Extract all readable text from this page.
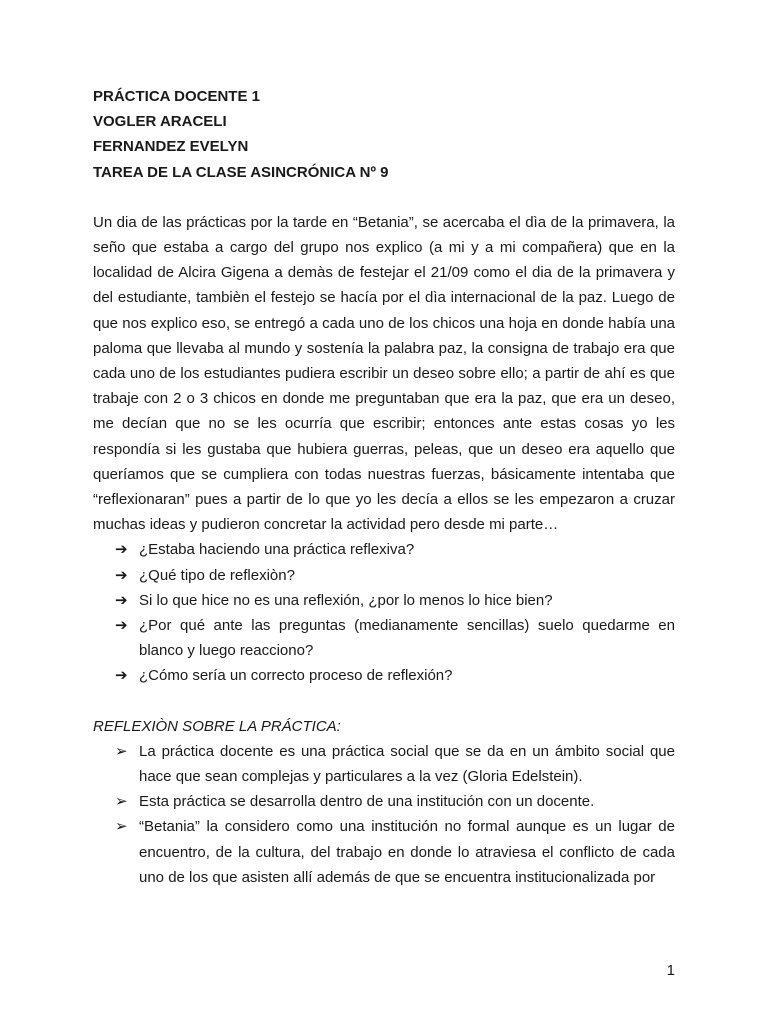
PRÁCTICA DOCENTE 1

VOGLER ARACELI

FERNANDEZ EVELYN

TAREA DE LA CLASE ASINCRÓNICA Nº 9

Un dia de las prácticas por la tarde en “Betania”, se acercaba el dìa de la primavera, la seño que estaba a cargo del grupo nos explico (a mi y a mi compañera) que en la localidad de Alcira Gigena a demàs de festejar el 21/09 como el dia de la primavera y del estudiante, tambièn el festejo se hacía por el dìa internacional de la paz. Luego de que nos explico eso, se entregó a cada uno de los chicos una hoja en donde había una paloma que llevaba al mundo y sostenía la palabra paz, la consigna de trabajo era que cada uno de los estudiantes pudiera escribir un deseo sobre ello; a partir de ahí es que trabaje con 2 o 3 chicos en donde me preguntaban que era la paz, que era un deseo, me decían que no se les ocurría que escribir; entonces ante estas cosas yo les respondía si les gustaba que hubiera guerras, peleas, que un deseo era aquello que queríamos que se cumpliera con todas nuestras fuerzas, básicamente intentaba que “reflexionaran” pues a partir de lo que yo les decía a ellos se les empezaron a cruzar muchas ideas y pudieron concretar la actividad pero desde mi parte…

➔ ¿Estaba haciendo una práctica reflexiva?
➔ ¿Qué tipo de reflexiòn?
➔ Si lo que hice no es una reflexión, ¿por lo menos lo hice bien?
➔ ¿Por qué ante las preguntas (medianamente sencillas) suelo quedarme en blanco y luego reacciono?
➔ ¿Cómo sería un correcto proceso de reflexión?

REFLEXIÒN SOBRE LA PRÁCTICA:

➢ La práctica docente es una práctica social que se da en un ámbito social que hace que sean complejas y particulares a la vez (Gloria Edelstein).
➢ Esta práctica se desarrolla dentro de una institución con un docente.
➢ “Betania” la considero como una institución no formal aunque es un lugar de encuentro, de la cultura, del trabajo en donde lo atraviesa el conflicto de cada uno de los que asisten allí además de que se encuentra institucionalizada por
1
